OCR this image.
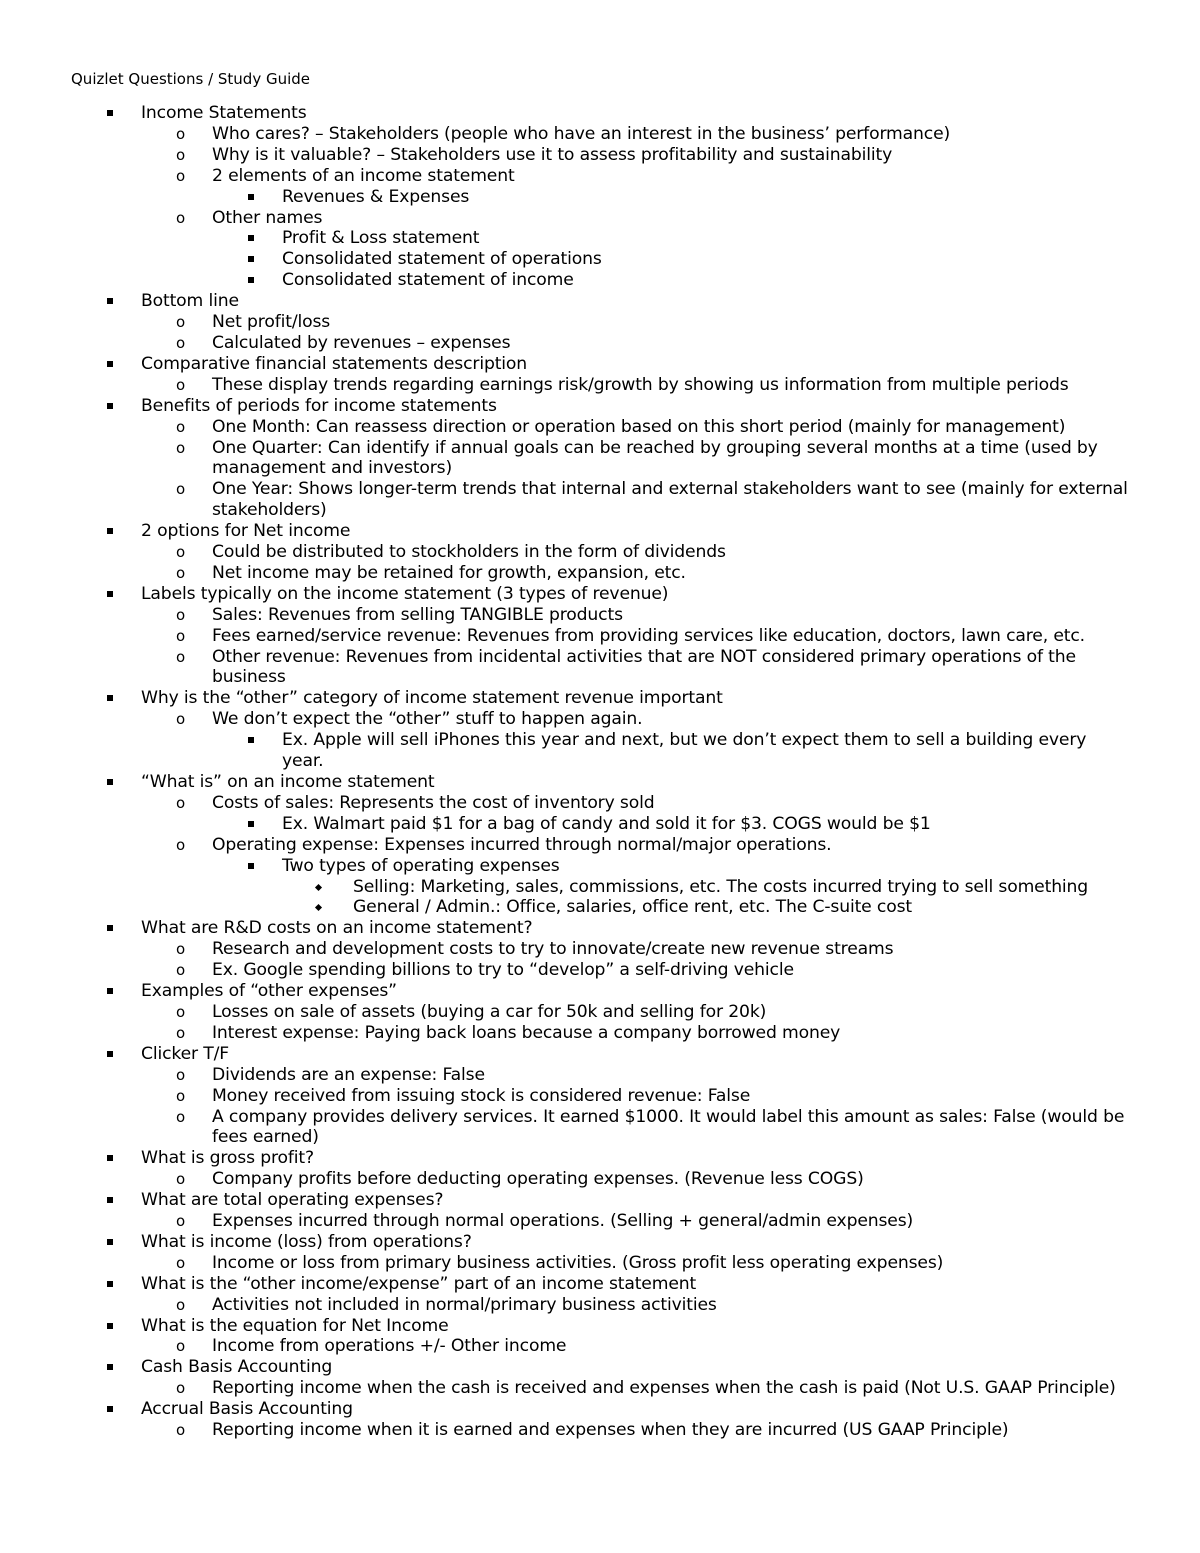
Quizlet Questions / Study Guide
Income Statements
o Who cares? – Stakeholders (people who have an interest in the business’ performance)
o Why is it valuable? – Stakeholders use it to assess profitability and sustainability
o 2 elements of an income statement
Revenues & Expenses
o Other names
Profit & Loss statement
Consolidated statement of operations
Consolidated statement of income
Bottom line
o Net profit/loss
o Calculated by revenues – expenses
Comparative financial statements description
o These display trends regarding earnings risk/growth by showing us information from multiple periods
Benefits of periods for income statements
o One Month: Can reassess direction or operation based on this short period (mainly for management)
o One Quarter: Can identify if annual goals can be reached by grouping several months at a time (used by management and investors)
o One Year: Shows longer-term trends that internal and external stakeholders want to see (mainly for external stakeholders)
2 options for Net income
o Could be distributed to stockholders in the form of dividends
o Net income may be retained for growth, expansion, etc.
Labels typically on the income statement (3 types of revenue)
o Sales: Revenues from selling TANGIBLE products
o Fees earned/service revenue: Revenues from providing services like education, doctors, lawn care, etc.
o Other revenue: Revenues from incidental activities that are NOT considered primary operations of the business
Why is the “other” category of income statement revenue important
o We don’t expect the “other” stuff to happen again.
Ex. Apple will sell iPhones this year and next, but we don’t expect them to sell a building every year.
“What is” on an income statement
o Costs of sales: Represents the cost of inventory sold
Ex. Walmart paid $1 for a bag of candy and sold it for $3. COGS would be $1
o Operating expense: Expenses incurred through normal/major operations.
Two types of operating expenses
Selling: Marketing, sales, commissions, etc. The costs incurred trying to sell something
General / Admin.: Office, salaries, office rent, etc. The C-suite cost
What are R&D costs on an income statement?
o Research and development costs to try to innovate/create new revenue streams
o Ex. Google spending billions to try to “develop” a self-driving vehicle
Examples of “other expenses”
o Losses on sale of assets (buying a car for 50k and selling for 20k)
o Interest expense: Paying back loans because a company borrowed money
Clicker T/F
o Dividends are an expense: False
o Money received from issuing stock is considered revenue: False
o A company provides delivery services. It earned $1000. It would label this amount as sales: False (would be fees earned)
What is gross profit?
o Company profits before deducting operating expenses. (Revenue less COGS)
What are total operating expenses?
o Expenses incurred through normal operations. (Selling + general/admin expenses)
What is income (loss) from operations?
o Income or loss from primary business activities. (Gross profit less operating expenses)
What is the “other income/expense” part of an income statement
o Activities not included in normal/primary business activities
What is the equation for Net Income
o Income from operations +/- Other income
Cash Basis Accounting
o Reporting income when the cash is received and expenses when the cash is paid (Not U.S. GAAP Principle)
Accrual Basis Accounting
o Reporting income when it is earned and expenses when they are incurred (US GAAP Principle)
